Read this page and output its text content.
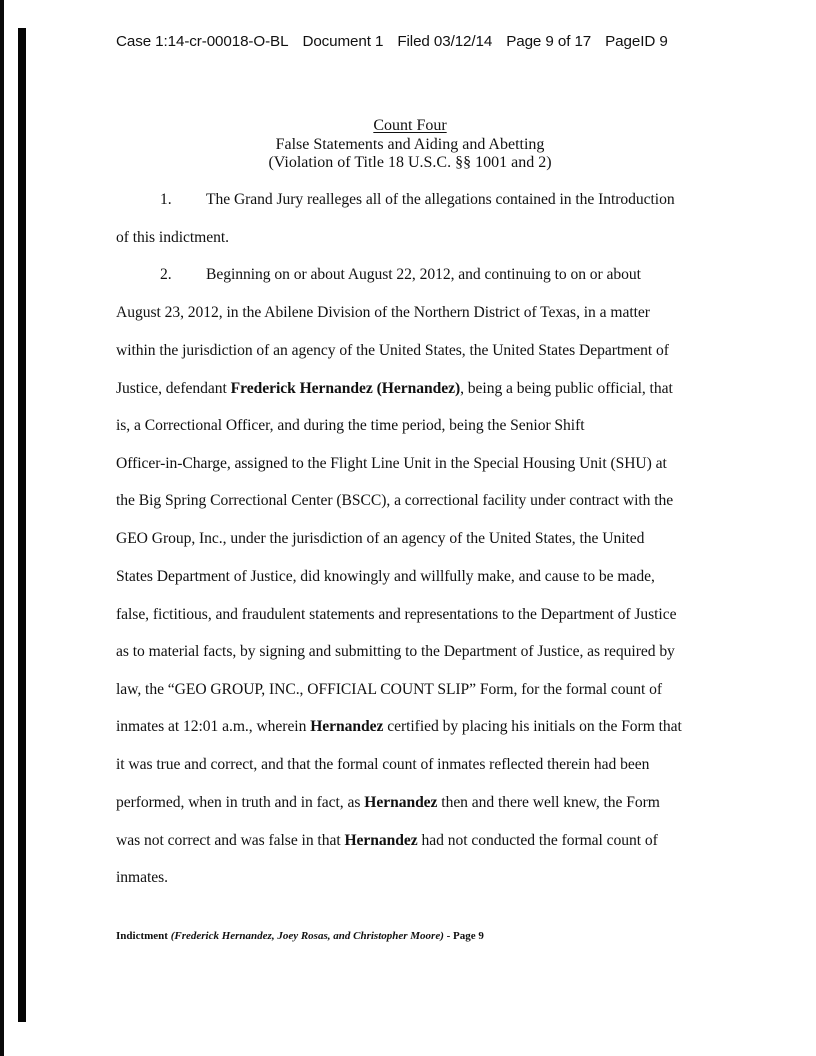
Case 1:14-cr-00018-O-BL Document 1 Filed 03/12/14 Page 9 of 17 PageID 9
Count Four
False Statements and Aiding and Abetting
(Violation of Title 18 U.S.C. §§ 1001 and 2)
1. The Grand Jury realleges all of the allegations contained in the Introduction
of this indictment.
2. Beginning on or about August 22, 2012, and continuing to on or about
August 23, 2012, in the Abilene Division of the Northern District of Texas, in a matter
within the jurisdiction of an agency of the United States, the United States Department of
Justice, defendant Frederick Hernandez (Hernandez), being a being public official, that
is, a Correctional Officer, and during the time period, being the Senior Shift
Officer-in-Charge, assigned to the Flight Line Unit in the Special Housing Unit (SHU) at
the Big Spring Correctional Center (BSCC), a correctional facility under contract with the
GEO Group, Inc., under the jurisdiction of an agency of the United States, the United
States Department of Justice, did knowingly and willfully make, and cause to be made,
false, fictitious, and fraudulent statements and representations to the Department of Justice
as to material facts, by signing and submitting to the Department of Justice, as required by
law, the “GEO GROUP, INC., OFFICIAL COUNT SLIP” Form, for the formal count of
inmates at 12:01 a.m., wherein Hernandez certified by placing his initials on the Form that
it was true and correct, and that the formal count of inmates reflected therein had been
performed, when in truth and in fact, as Hernandez then and there well knew, the Form
was not correct and was false in that Hernandez had not conducted the formal count of
inmates.
Indictment (Frederick Hernandez, Joey Rosas, and Christopher Moore) - Page 9
